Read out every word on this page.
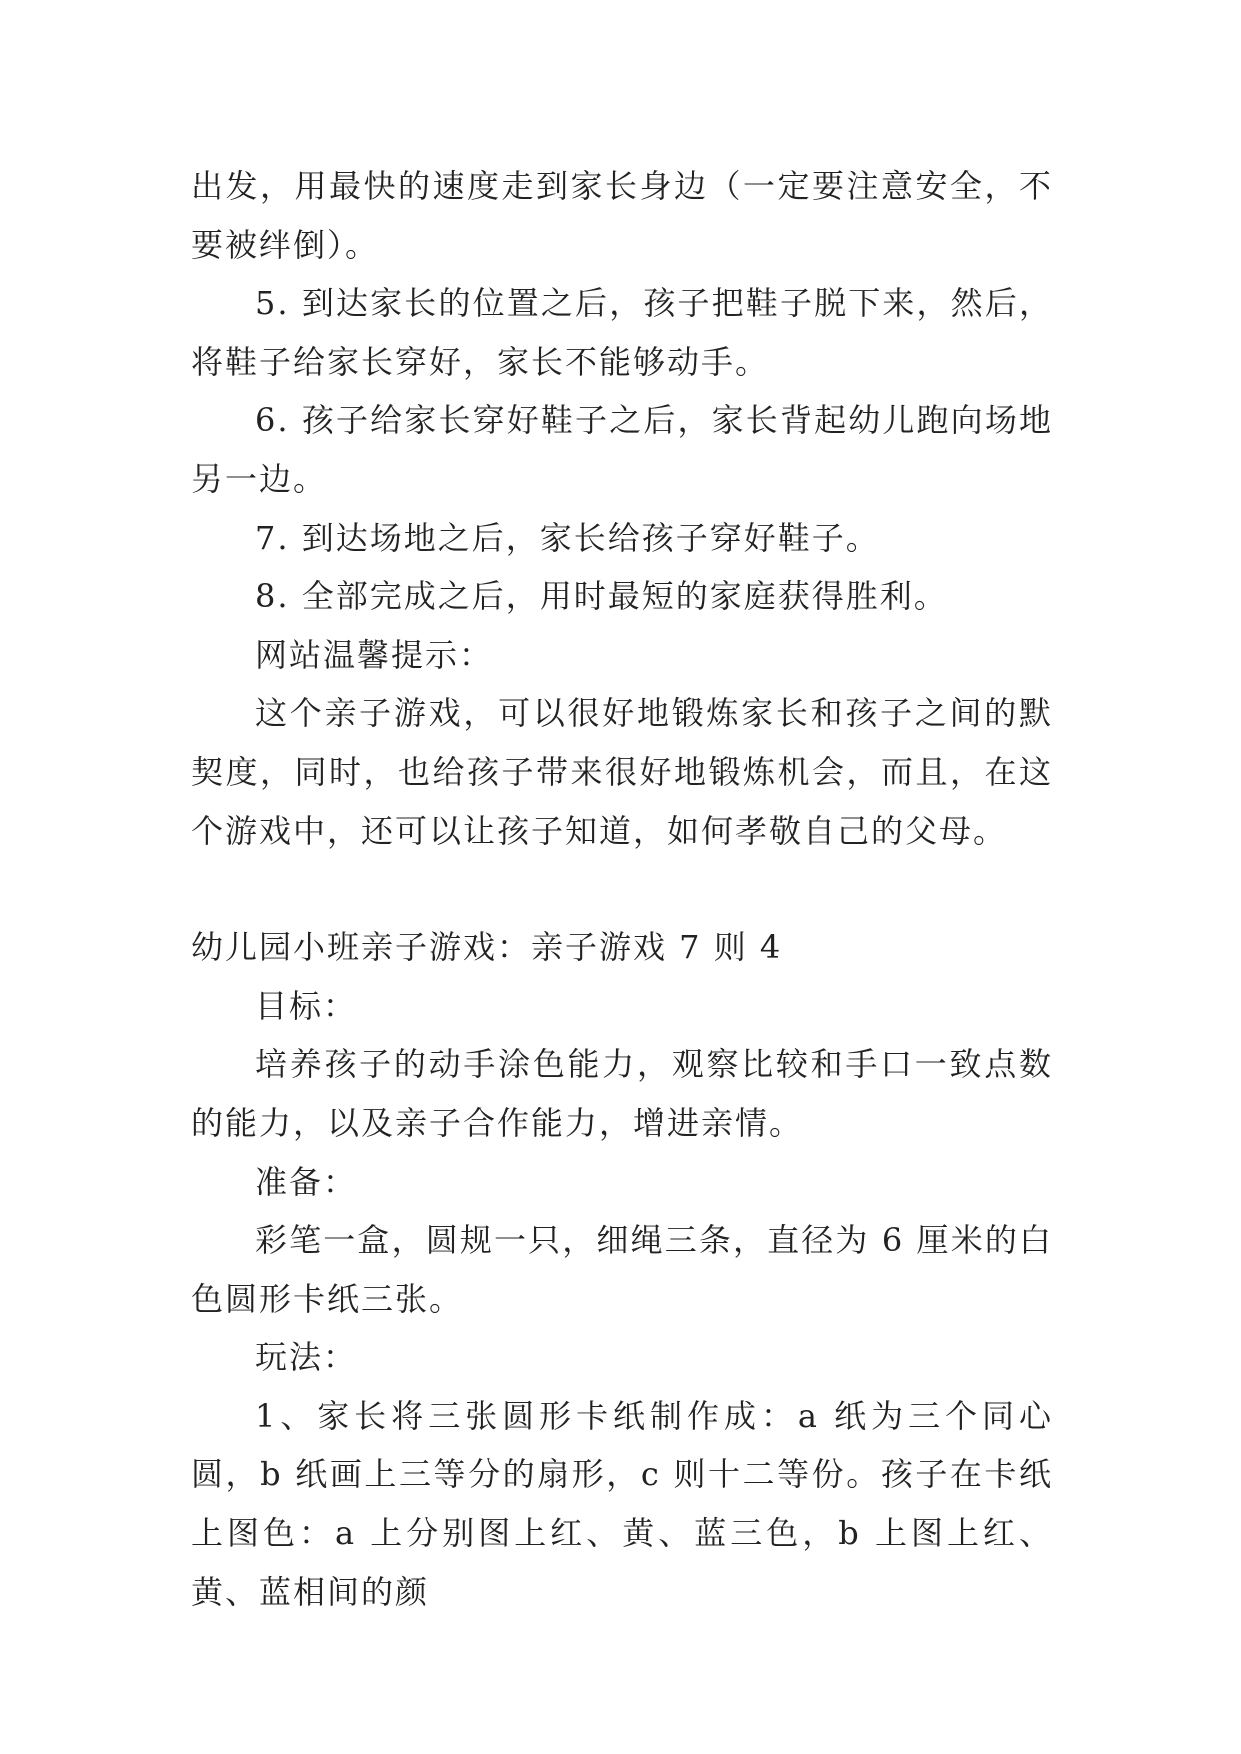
出发，用最快的速度走到家长身边（一定要注意安全，不要被绊倒）。

5. 到达家长的位置之后，孩子把鞋子脱下来，然后，将鞋子给家长穿好，家长不能够动手。

6. 孩子给家长穿好鞋子之后，家长背起幼儿跑向场地另一边。

7. 到达场地之后，家长给孩子穿好鞋子。

8. 全部完成之后，用时最短的家庭获得胜利。

网站温馨提示：

这个亲子游戏，可以很好地锻炼家长和孩子之间的默契度，同时，也给孩子带来很好地锻炼机会，而且，在这个游戏中，还可以让孩子知道，如何孝敬自己的父母。

幼儿园小班亲子游戏：亲子游戏 7 则 4

目标：

培养孩子的动手涂色能力，观察比较和手口一致点数的能力，以及亲子合作能力，增进亲情。

准备：

彩笔一盒，圆规一只，细绳三条，直径为 6 厘米的白色圆形卡纸三张。

玩法：

1、家长将三张圆形卡纸制作成：a 纸为三个同心圆，b 纸画上三等分的扇形，c 则十二等份。孩子在卡纸上图色：a 上分别图上红、黄、蓝三色，b 上图上红、黄、蓝相间的颜
